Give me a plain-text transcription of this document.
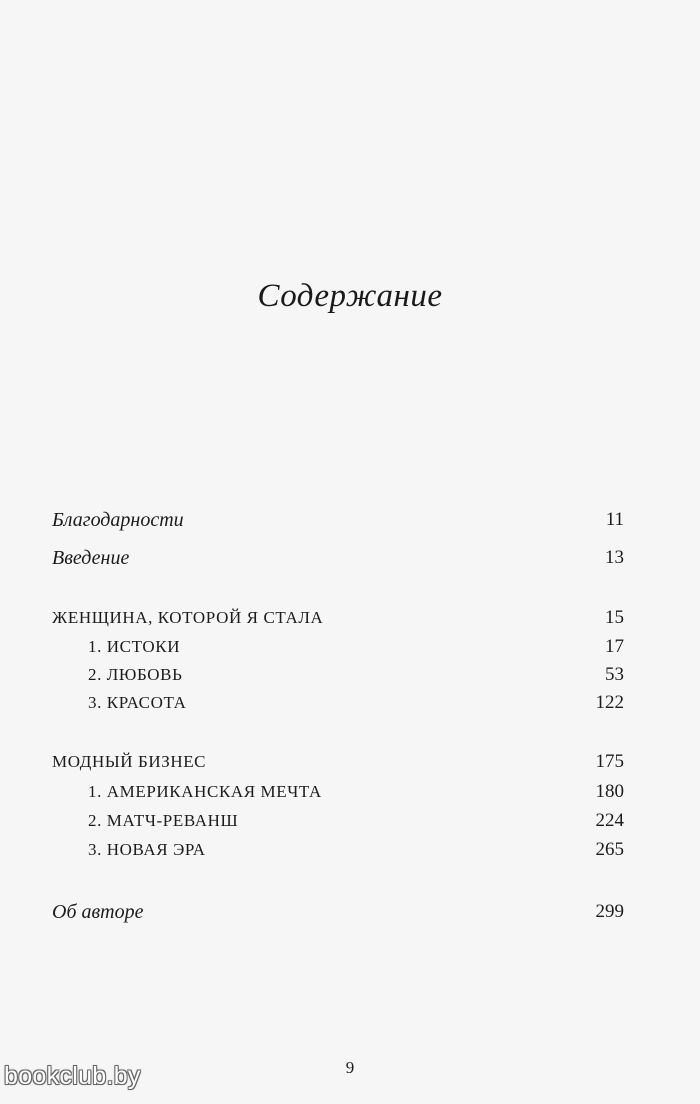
Содержание
Благодарности	11
Введение	13
ЖЕНЩИНА, КОТОРОЙ Я СТАЛА	15
1. ИСТОКИ	17
2. ЛЮБОВЬ	53
3. КРАСОТА	122
МОДНЫЙ БИЗНЕС	175
1. АМЕРИКАНСКАЯ МЕЧТА	180
2. МАТЧ-РЕВАНШ	224
3. НОВАЯ ЭРА	265
Об авторе	299
9
bookclub.by
